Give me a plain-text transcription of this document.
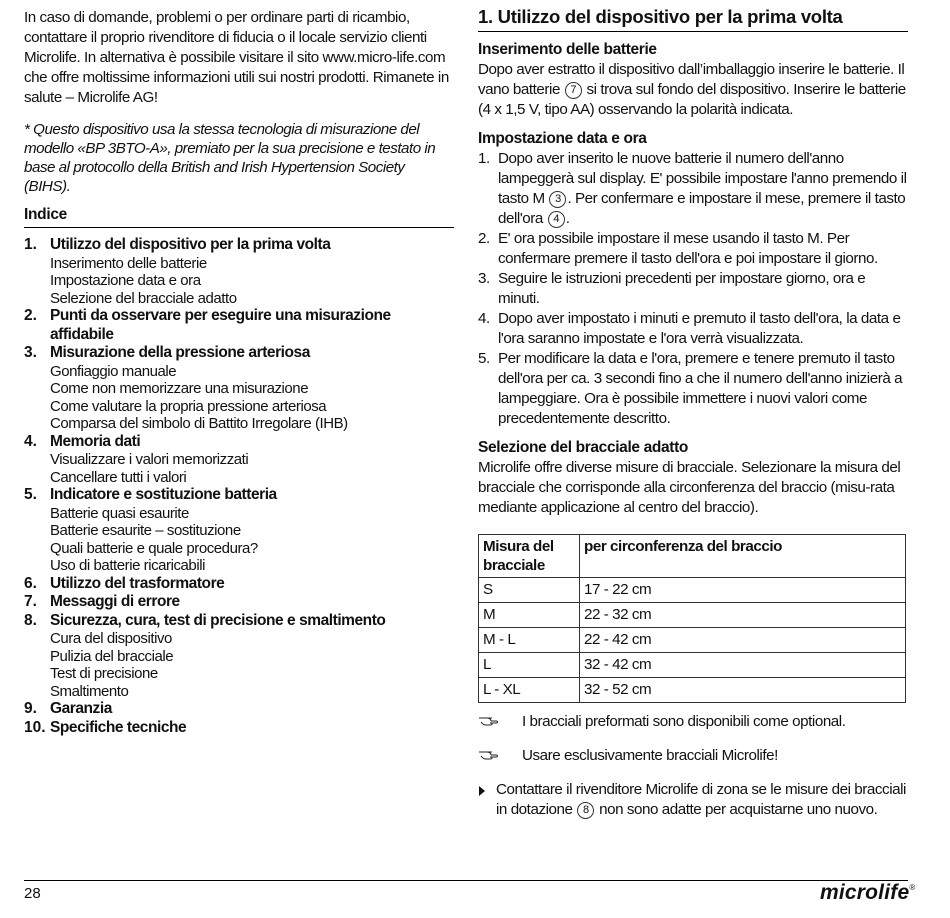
In caso di domande, problemi o per ordinare parti di ricambio, contattare il proprio rivenditore di fiducia o il locale servizio clienti Microlife. In alternativa è possibile visitare il sito www.micro-life.com che offre moltissime informazioni utili sui nostri prodotti. Rimanete in salute – Microlife AG!

* Questo dispositivo usa la stessa tecnologia di misurazione del modello «BP 3BTO-A», premiato per la sua precisione e testato in base al protocollo della British and Irish Hypertension Society (BIHS).

Indice
1. Utilizzo del dispositivo per la prima volta
Inserimento delle batterie
Impostazione data e ora
Selezione del bracciale adatto
2. Punti da osservare per eseguire una misurazione affidabile
3. Misurazione della pressione arteriosa
Gonfiaggio manuale
Come non memorizzare una misurazione
Come valutare la propria pressione arteriosa
Comparsa del simbolo di Battito Irregolare (IHB)
4. Memoria dati
Visualizzare i valori memorizzati
Cancellare tutti i valori
5. Indicatore e sostituzione batteria
Batterie quasi esaurite
Batterie esaurite – sostituzione
Quali batterie e quale procedura?
Uso di batterie ricaricabili
6. Utilizzo del trasformatore
7. Messaggi di errore
8. Sicurezza, cura, test di precisione e smaltimento
Cura del dispositivo
Pulizia del bracciale
Test di precisione
Smaltimento
9. Garanzia
10. Specifiche tecniche
1. Utilizzo del dispositivo per la prima volta
Inserimento delle batterie

Dopo aver estratto il dispositivo dall’imballaggio inserire le batterie. Il vano batterie 7 si trova sul fondo del dispositivo. Inserire le batterie (4 x 1,5 V, tipo AA) osservando la polarità indicata.

Impostazione data e ora
1. Dopo aver inserito le nuove batterie il numero dell'anno lampeggerà sul display. E' possibile impostare l'anno premendo il tasto M 3 . Per confermare e impostare il mese, premere il tasto dell'ora 4 .
2. E' ora possibile impostare il mese usando il tasto M. Per confermare premere il tasto dell'ora e poi impostare il giorno.
3. Seguire le istruzioni precedenti per impostare giorno, ora e minuti.
4. Dopo aver impostato i minuti e premuto il tasto dell'ora, la data e l'ora saranno impostate e l'ora verrà visualizzata.
5. Per modificare la data e l'ora, premere e tenere premuto il tasto dell'ora per ca. 3 secondi fino a che il numero dell'anno inizierà a lampeggiare. Ora è possibile immettere i nuovi valori come precedentemente descritto.
Selezione del bracciale adatto

Microlife offre diverse misure di bracciale. Selezionare la misura del bracciale che corrisponde alla circonferenza del braccio (misu-rata mediante applicazione al centro del braccio).

Misura del bracciale	per circonferenza del braccio
S	17 - 22 cm
M	22 - 32 cm
M - L	22 - 42 cm
L	32 - 42 cm
L - XL	32 - 52 cm
I bracciali preformati sono disponibili come optional.
Usare esclusivamente bracciali Microlife!
Contattare il rivenditore Microlife di zona se le misure dei bracciali in dotazione 8 non sono adatte per acquistarne uno nuovo.
28	microlife®
